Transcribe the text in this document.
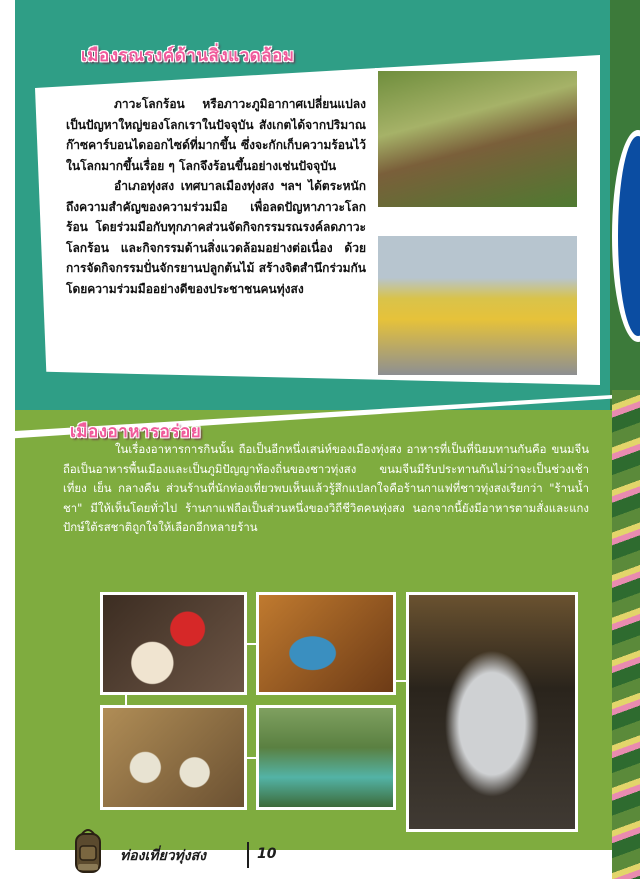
เมืองรณรงค์ด้านสิ่งแวดล้อม

ภาวะโลกร้อน หรือภาวะภูมิอากาศเปลี่ยนแปลงเป็นปัญหาใหญ่ของโลกเราในปัจจุบัน สังเกตได้จากปริมาณก๊าซคาร์บอนไดออกไซด์ที่มากขึ้น ซึ่งจะกักเก็บความร้อนไว้ในโลกมากขึ้นเรื่อย ๆ โลกจึงร้อนขึ้นอย่างเช่นปัจจุบัน

อำเภอทุ่งสง เทศบาลเมืองทุ่งสง ฯลฯ ได้ตระหนักถึงความสำคัญของความร่วมมือ เพื่อลดปัญหาภาวะโลกร้อน โดยร่วมมือกับทุกภาคส่วนจัดกิจกรรมรณรงค์ลดภาวะโลกร้อน และกิจกรรมด้านสิ่งแวดล้อมอย่างต่อเนื่อง ด้วยการจัดกิจกรรมปั่นจักรยานปลูกต้นไม้ สร้างจิตสำนึกร่วมกันโดยความร่วมมืออย่างดีของประชาชนคนทุ่งสง

เมืองอาหารอร่อย

ในเรื่องอาหารการกินนั้น ถือเป็นอีกหนึ่งเสน่ห์ของเมืองทุ่งสง อาหารที่เป็นที่นิยมทานกันคือ ขนมจีน ถือเป็นอาหารพื้นเมืองและเป็นภูมิปัญญาท้องถิ่นของชาวทุ่งสง ขนมจีนมีรับประทานกันไม่ว่าจะเป็นช่วงเช้า เที่ยง เย็น กลางคืน ส่วนร้านที่นักท่องเที่ยวพบเห็นแล้วรู้สึกแปลกใจคือร้านกาแฟที่ชาวทุ่งสงเรียกว่า "ร้านน้ำชา" มีให้เห็นโดยทั่วไป ร้านกาแฟถือเป็นส่วนหนึ่งของวิถีชีวิตคนทุ่งสง นอกจากนี้ยังมีอาหารตามสั่งและแกงปักษ์ใต้รสชาติถูกใจให้เลือกอีกหลายร้าน

ท่องเที่ยวทุ่งสง	10
